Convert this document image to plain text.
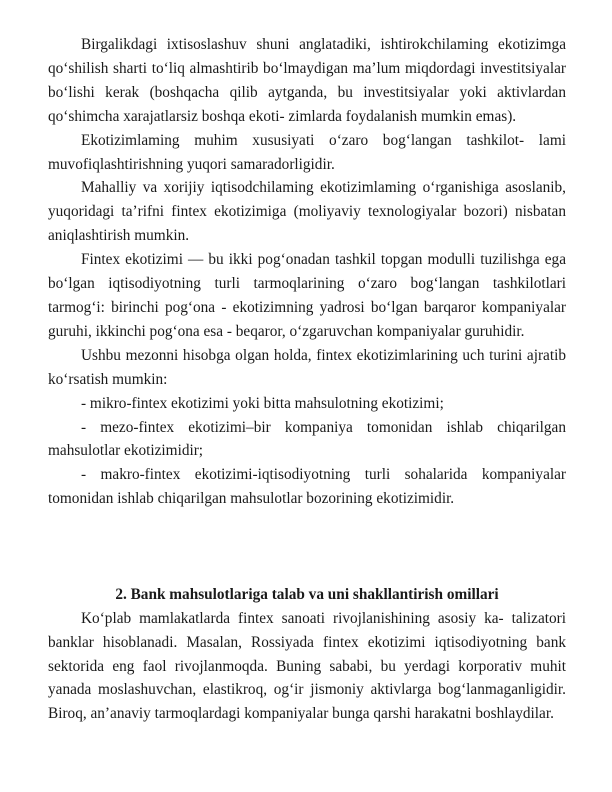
Birgalikdagi ixtisoslashuv shuni anglatadiki, ishtirokchilaming ekotizimga qo‘shilish sharti to‘liq almashtirib bo‘lmaydigan ma’lum miqdordagi investitsiyalar bo‘lishi kerak (boshqacha qilib aytganda, bu investitsiyalar yoki aktivlardan qo‘shimcha xarajatlarsiz boshqa ekoti- zimlarda foydalanish mumkin emas).

Ekotizimlaming muhim xususiyati o‘zaro bog‘langan tashkilot- lami muvofiqlashtirishning yuqori samaradorligidir.

Mahalliy va xorijiy iqtisodchilaming ekotizimlaming o‘rganishiga asoslanib, yuqoridagi ta’rifni fintex ekotizimiga (moliyaviy texnologiyalar bozori) nisbatan aniqlashtirish mumkin.

Fintex ekotizimi — bu ikki pog‘onadan tashkil topgan modulli tuzilishga ega bo‘lgan iqtisodiyotning turli tarmoqlarining o‘zaro bog‘langan tashkilotlari tarmog‘i: birinchi pog‘ona - ekotizimning yadrosi bo‘lgan barqaror kompaniyalar guruhi, ikkinchi pog‘ona esa - beqaror, o‘zgaruvchan kompaniyalar guruhidir.

Ushbu mezonni hisobga olgan holda, fintex ekotizimlarining uch turini ajratib ko‘rsatish mumkin:

- mikro-fintex ekotizimi yoki bitta mahsulotning ekotizimi;

- mezo-fintex ekotizimi–bir kompaniya tomonidan ishlab chiqarilgan mahsulotlar ekotizimidir;

- makro-fintex ekotizimi-iqtisodiyotning turli sohalarida kompaniyalar tomonidan ishlab chiqarilgan mahsulotlar bozorining ekotizimidir.

2. Bank mahsulotlariga talab va uni shakllantirish omillari

Ko‘plab mamlakatlarda fintex sanoati rivojlanishining asosiy ka- talizatori banklar hisoblanadi. Masalan, Rossiyada fintex ekotizimi iqtisodiyotning bank sektorida eng faol rivojlanmoqda. Buning sababi, bu yerdagi korporativ muhit yanada moslashuvchan, elastikroq, og‘ir jismoniy aktivlarga bog‘lanmaganligidir. Biroq, an’anaviy tarmoqlardagi kompaniyalar bunga qarshi harakatni boshlaydilar.
